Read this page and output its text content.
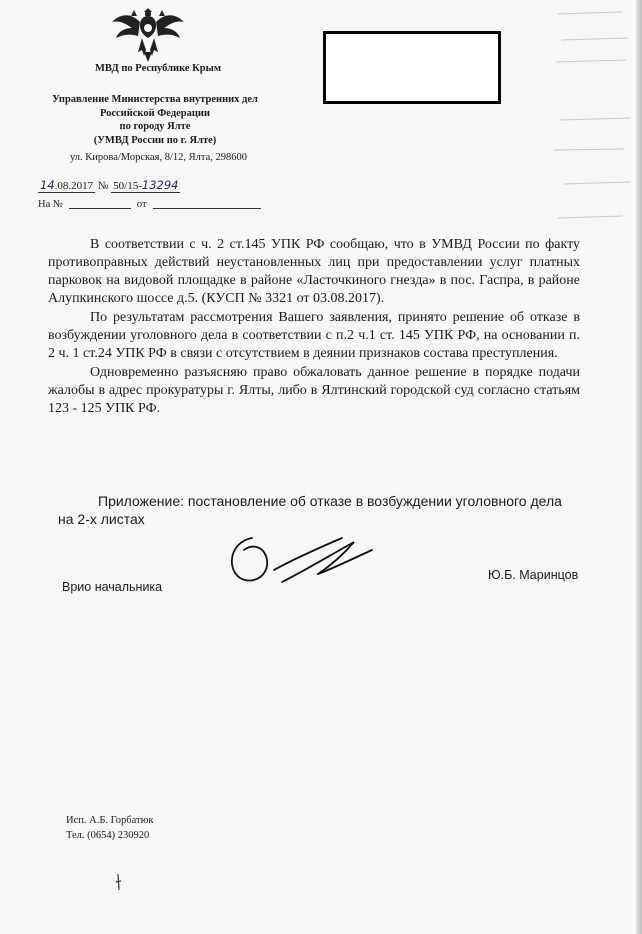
МВД по Республике Крым
Управление Министерства внутренних дел
Российской Федерации
по городу Ялте
(УМВД России по г. Ялте)
ул. Кирова/Морская, 8/12, Ялта, 298600
14.08.2017 № 50/15-13294
На №	от

В соответствии с ч. 2 ст.145 УПК РФ сообщаю, что в УМВД России по факту противоправных действий неустановленных лиц при предоставлении услуг платных парковок на видовой площадке в районе «Ласточкиного гнезда» в пос. Гаспра, в районе Алупкинского шоссе д.5. (КУСП № 3321 от 03.08.2017).

По результатам рассмотрения Вашего заявления, принято решение об отказе в возбуждении уголовного дела в соответствии с п.2 ч.1 ст. 145 УПК РФ, на основании п. 2 ч. 1 ст.24 УПК РФ в связи с отсутствием в деянии признаков состава преступления.

Одновременно разъясняю право обжаловать данное решение в порядке подачи жалобы в адрес прокуратуры г. Ялты, либо в Ялтинский городской суд согласно статьям 123 - 125 УПК РФ.

Приложение: постановление об отказе в возбуждении уголовного дела
на 2-х листах
Врио начальника
Ю.Б. Маринцов
Исп. А.Б. Горбатюк
Тел. (0654) 230920
